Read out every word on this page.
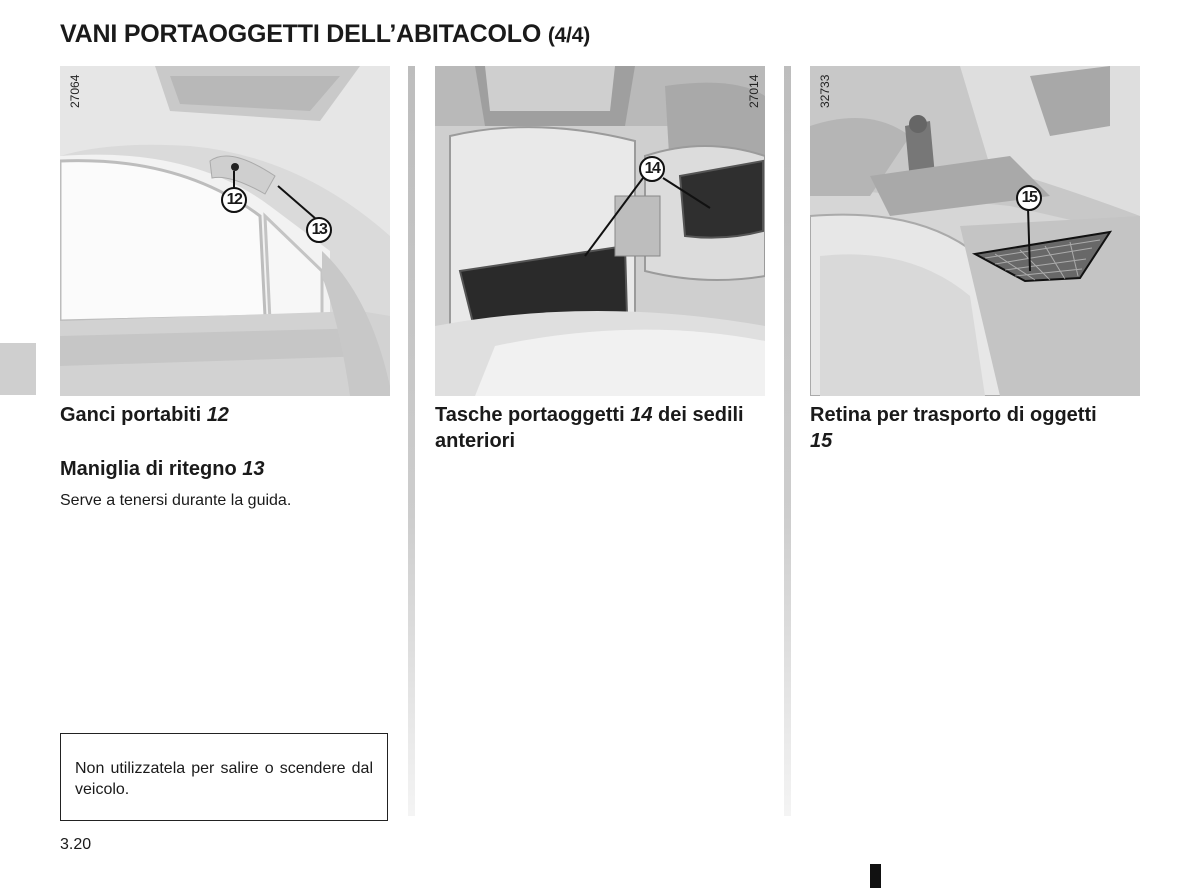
VANI PORTAOGGETTI DELL’ABITACOLO (4/4)
27064	27014	32733
12
13
14
15

Ganci portabiti 12

Maniglia di ritegno 13

Serve a tenersi durante la guida.

Non utilizzatela per salire o scendere dal veicolo.

Tasche portaoggetti 14 dei sedili anteriori

Retina per trasporto di oggetti 15

3.20
